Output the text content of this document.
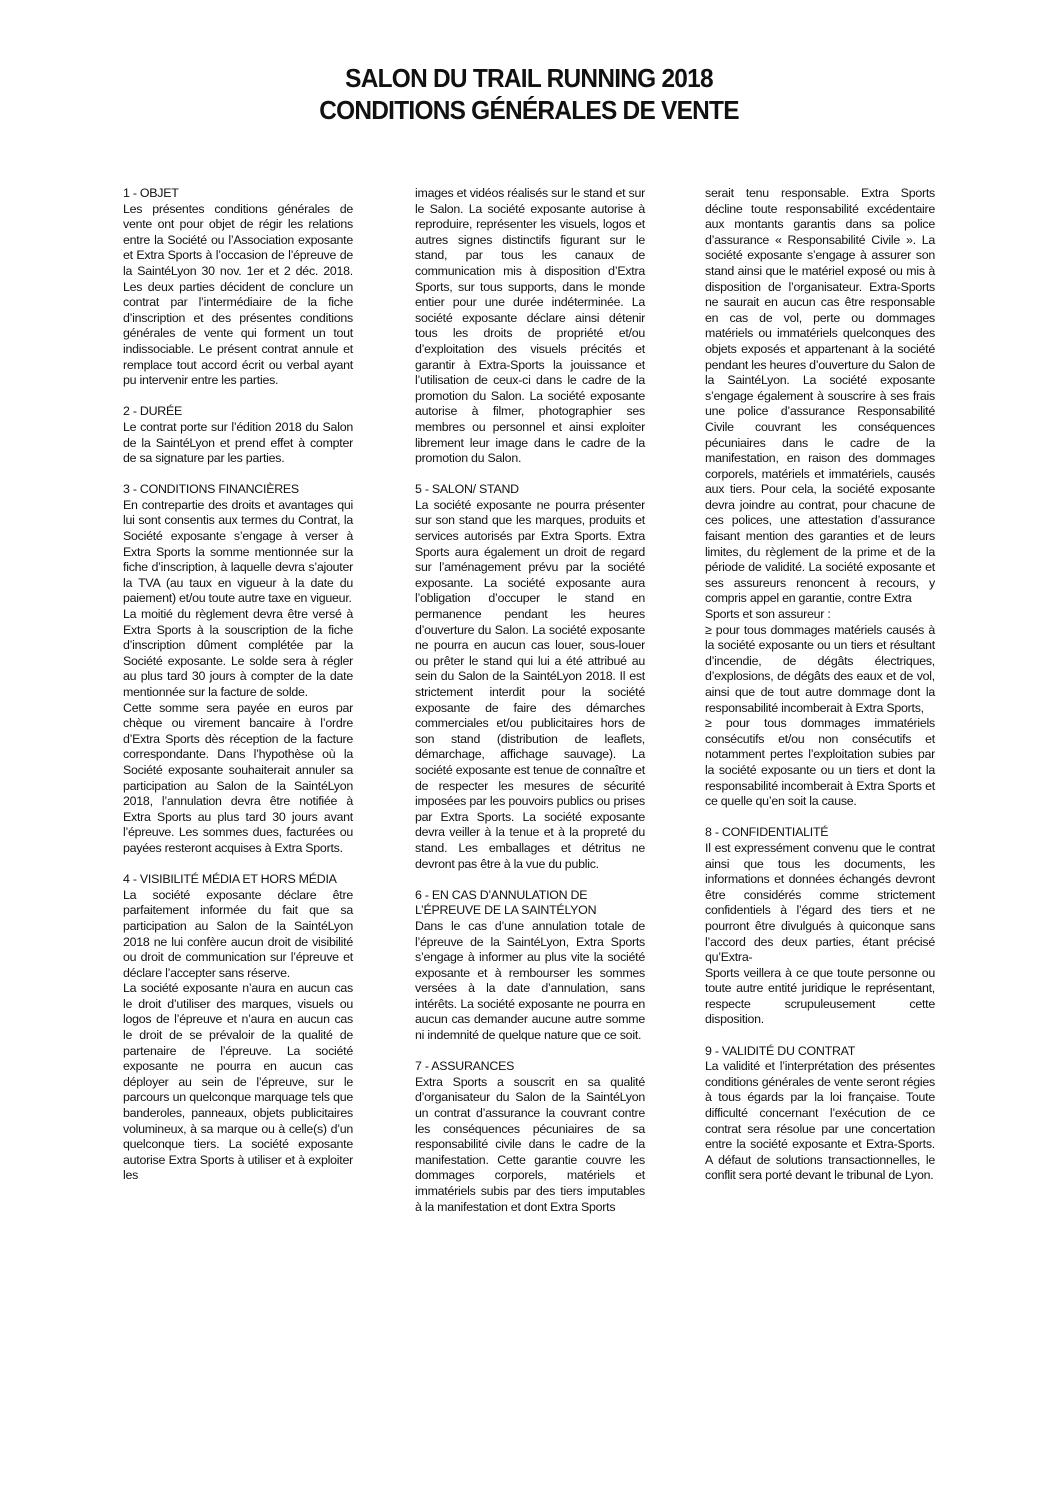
SALON DU TRAIL RUNNING 2018
CONDITIONS GÉNÉRALES DE VENTE
1 - OBJET

Les présentes conditions générales de vente ont pour objet de régir les relations entre la Société ou l’Association exposante et Extra Sports à l’occasion de l’épreuve de la SaintéLyon 30 nov. 1er et 2 déc. 2018. Les deux parties décident de conclure un contrat par l’intermédiaire de la fiche d’inscription et des présentes conditions générales de vente qui forment un tout indissociable. Le présent contrat annule et remplace tout accord écrit ou verbal ayant pu intervenir entre les parties.

2 - DURÉE

Le contrat porte sur l’édition 2018 du Salon de la SaintéLyon et prend effet à compter de sa signature par les parties.

3 - CONDITIONS FINANCIÈRES

En contrepartie des droits et avantages qui lui sont consentis aux termes du Contrat, la Société exposante s’engage à verser à Extra Sports la somme mentionnée sur la fiche d’inscription, à laquelle devra s’ajouter la TVA (au taux en vigueur à la date du paiement) et/ou toute autre taxe en vigueur.

La moitié du règlement devra être versé à Extra Sports à la souscription de la fiche d’inscription dûment complétée par la Société exposante. Le solde sera à régler au plus tard 30 jours à compter de la date mentionnée sur la facture de solde.

Cette somme sera payée en euros par chèque ou virement bancaire à l’ordre d’Extra Sports dès réception de la facture correspondante. Dans l’hypothèse où la Société exposante souhaiterait annuler sa participation au Salon de la SaintéLyon 2018, l’annulation devra être notifiée à Extra Sports au plus tard 30 jours avant l’épreuve. Les sommes dues, facturées ou payées resteront acquises à Extra Sports.

4 - VISIBILITÉ MÉDIA ET HORS MÉDIA

La société exposante déclare être parfaitement informée du fait que sa participation au Salon de la SaintéLyon 2018 ne lui confère aucun droit de visibilité ou droit de communication sur l’épreuve et déclare l’accepter sans réserve.

La société exposante n’aura en aucun cas le droit d’utiliser des marques, visuels ou logos de l’épreuve et n’aura en aucun cas le droit de se prévaloir de la qualité de partenaire de l’épreuve. La société exposante ne pourra en aucun cas déployer au sein de l’épreuve, sur le parcours un quelconque marquage tels que banderoles, panneaux, objets publicitaires volumineux, à sa marque ou à celle(s) d’un quelconque tiers. La société exposante autorise Extra Sports à utiliser et à exploiter les

images et vidéos réalisés sur le stand et sur le Salon. La société exposante autorise à reproduire, représenter les visuels, logos et autres signes distinctifs figurant sur le stand, par tous les canaux de communication mis à disposition d’Extra Sports, sur tous supports, dans le monde entier pour une durée indéterminée. La société exposante déclare ainsi détenir tous les droits de propriété et/ou d’exploitation des visuels précités et garantir à Extra-Sports la jouissance et l’utilisation de ceux-ci dans le cadre de la promotion du Salon. La société exposante autorise à filmer, photographier ses membres ou personnel et ainsi exploiter librement leur image dans le cadre de la promotion du Salon.

5 - SALON/ STAND

La société exposante ne pourra présenter sur son stand que les marques, produits et services autorisés par Extra Sports. Extra Sports aura également un droit de regard sur l’aménagement prévu par la société exposante. La société exposante aura l’obligation d’occuper le stand en permanence pendant les heures d’ouverture du Salon. La société exposante ne pourra en aucun cas louer, sous-louer ou prêter le stand qui lui a été attribué au sein du Salon de la SaintéLyon 2018. Il est strictement interdit pour la société exposante de faire des démarches commerciales et/ou publicitaires hors de son stand (distribution de leaflets, démarchage, affichage sauvage). La société exposante est tenue de connaître et de respecter les mesures de sécurité imposées par les pouvoirs publics ou prises par Extra Sports. La société exposante devra veiller à la tenue et à la propreté du stand. Les emballages et détritus ne devront pas être à la vue du public.

6 - EN CAS D’ANNULATION DE L’ÉPREUVE DE LA SAINTÉLYON

Dans le cas d’une annulation totale de l’épreuve de la SaintéLyon, Extra Sports s’engage à informer au plus vite la société exposante et à rembourser les sommes versées à la date d’annulation, sans intérêts. La société exposante ne pourra en aucun cas demander aucune autre somme ni indemnité de quelque nature que ce soit.

7 - ASSURANCES

Extra Sports a souscrit en sa qualité d’organisateur du Salon de la SaintéLyon un contrat d’assurance la couvrant contre les conséquences pécuniaires de sa responsabilité civile dans le cadre de la manifestation. Cette garantie couvre les dommages corporels, matériels et immatériels subis par des tiers imputables à la manifestation et dont Extra Sports

serait tenu responsable. Extra Sports décline toute responsabilité excédentaire aux montants garantis dans sa police d’assurance « Responsabilité Civile ». La société exposante s’engage à assurer son stand ainsi que le matériel exposé ou mis à disposition de l’organisateur. Extra-Sports ne saurait en aucun cas être responsable en cas de vol, perte ou dommages matériels ou immatériels quelconques des objets exposés et appartenant à la société pendant les heures d’ouverture du Salon de la SaintéLyon. La société exposante s’engage également à souscrire à ses frais une police d’assurance Responsabilité Civile couvrant les conséquences pécuniaires dans le cadre de la manifestation, en raison des dommages corporels, matériels et immatériels, causés aux tiers. Pour cela, la société exposante devra joindre au contrat, pour chacune de ces polices, une attestation d’assurance faisant mention des garanties et de leurs limites, du règlement de la prime et de la période de validité. La société exposante et ses assureurs renoncent à recours, y compris appel en garantie, contre Extra

Sports et son assureur :

≥ pour tous dommages matériels causés à la société exposante ou un tiers et résultant d’incendie, de dégâts électriques, d’explosions, de dégâts des eaux et de vol, ainsi que de tout autre dommage dont la responsabilité incomberait à Extra Sports,

≥ pour tous dommages immatériels consécutifs et/ou non consécutifs et notamment pertes l’exploitation subies par la société exposante ou un tiers et dont la responsabilité incomberait à Extra Sports et ce quelle qu’en soit la cause.

8 - CONFIDENTIALITÉ

Il est expressément convenu que le contrat ainsi que tous les documents, les informations et données échangés devront être considérés comme strictement confidentiels à l’égard des tiers et ne pourront être divulgués à quiconque sans l’accord des deux parties, étant précisé qu’Extra-

Sports veillera à ce que toute personne ou toute autre entité juridique le représentant, respecte scrupuleusement cette disposition.

9 - VALIDITÉ DU CONTRAT

La validité et l’interprétation des présentes conditions générales de vente seront régies à tous égards par la loi française. Toute difficulté concernant l’exécution de ce contrat sera résolue par une concertation entre la société exposante et Extra-Sports. A défaut de solutions transactionnelles, le conflit sera porté devant le tribunal de Lyon.
